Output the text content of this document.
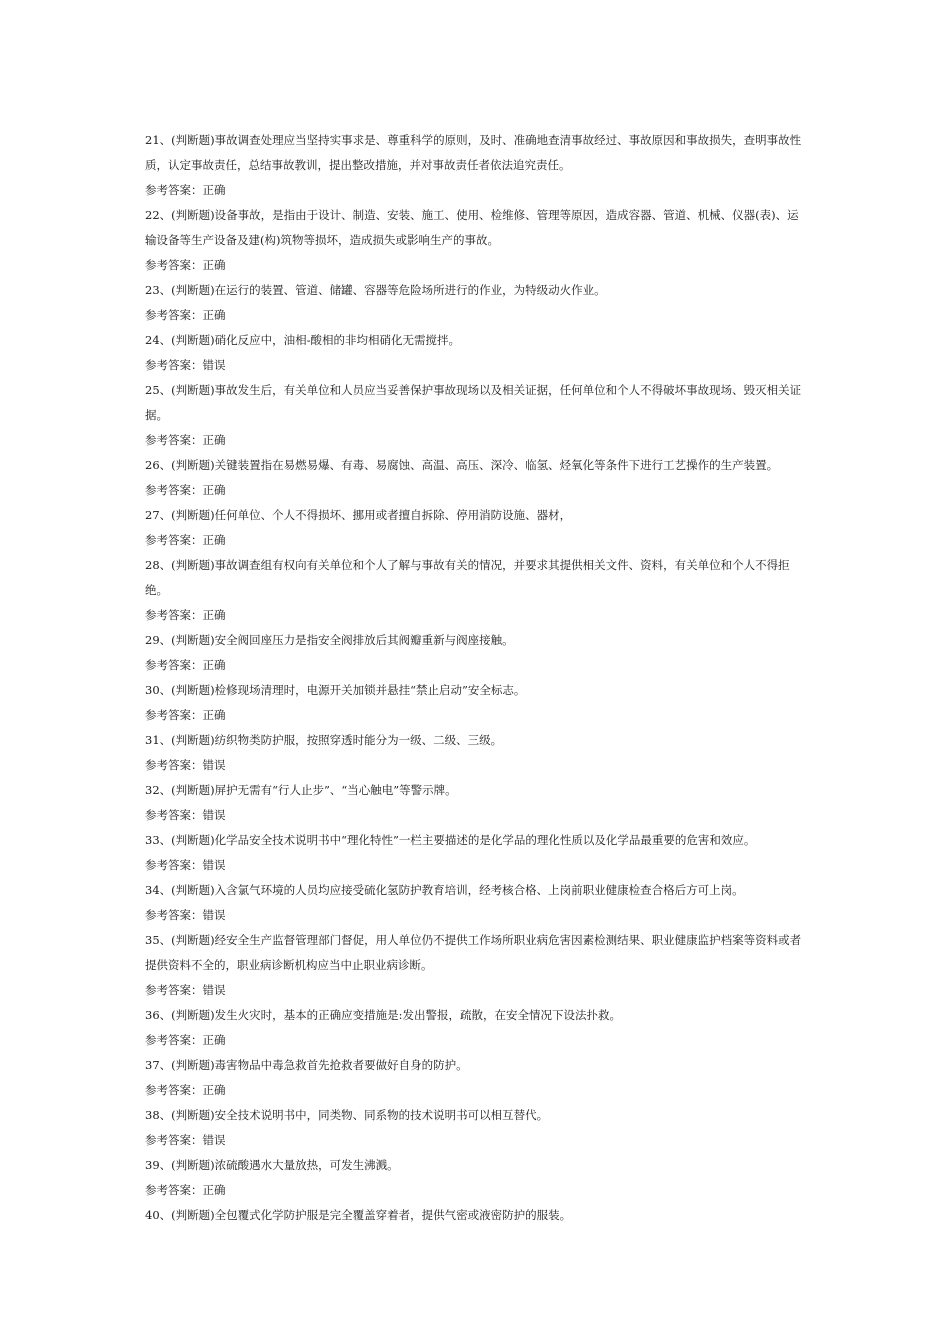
21、(判断题)事故调查处理应当坚持实事求是、尊重科学的原则，及时、准确地查清事故经过、事故原因和事故损失，查明事故性质，认定事故责任，总结事故教训，提出整改措施，并对事故责任者依法追究责任。

参考答案：正确

22、(判断题)设备事故，是指由于设计、制造、安装、施工、使用、检维修、管理等原因，造成容器、管道、机械、仪器(表)、运输设备等生产设备及建(构)筑物等损坏，造成损失或影响生产的事故。

参考答案：正确

23、(判断题)在运行的装置、管道、储罐、容器等危险场所进行的作业，为特级动火作业。

参考答案：正确

24、(判断题)硝化反应中，油相-酸相的非均相硝化无需搅拌。

参考答案：错误

25、(判断题)事故发生后，有关单位和人员应当妥善保护事故现场以及相关证据，任何单位和个人不得破坏事故现场、毁灭相关证据。

参考答案：正确

26、(判断题)关键装置指在易燃易爆、有毒、易腐蚀、高温、高压、深冷、临氢、烃氧化等条件下进行工艺操作的生产装置。

参考答案：正确

27、(判断题)任何单位、个人不得损坏、挪用或者擅自拆除、停用消防设施、器材，

参考答案：正确

28、(判断题)事故调查组有权向有关单位和个人了解与事故有关的情况，并要求其提供相关文件、资料，有关单位和个人不得拒绝。

参考答案：正确

29、(判断题)安全阀回座压力是指安全阀排放后其阀瓣重新与阀座接触。

参考答案：正确

30、(判断题)检修现场清理时，电源开关加锁并悬挂“禁止启动”安全标志。

参考答案：正确

31、(判断题)纺织物类防护服，按照穿透时能分为一级、二级、三级。

参考答案：错误

32、(判断题)屏护无需有“行人止步”、“当心触电”等警示牌。

参考答案：错误

33、(判断题)化学品安全技术说明书中“理化特性”一栏主要描述的是化学品的理化性质以及化学品最重要的危害和效应。

参考答案：错误

34、(判断题)入含氯气环境的人员均应接受硫化氢防护教育培训，经考核合格、上岗前职业健康检查合格后方可上岗。

参考答案：错误

35、(判断题)经安全生产监督管理部门督促，用人单位仍不提供工作场所职业病危害因素检测结果、职业健康监护档案等资料或者提供资料不全的，职业病诊断机构应当中止职业病诊断。

参考答案：错误

36、(判断题)发生火灾时，基本的正确应变措施是:发出警报，疏散，在安全情况下设法扑救。

参考答案：正确

37、(判断题)毒害物品中毒急救首先抢救者要做好自身的防护。

参考答案：正确

38、(判断题)安全技术说明书中，同类物、同系物的技术说明书可以相互替代。

参考答案：错误

39、(判断题)浓硫酸遇水大量放热，可发生沸溅。

参考答案：正确

40、(判断题)全包覆式化学防护服是完全覆盖穿着者，提供气密或液密防护的服装。
